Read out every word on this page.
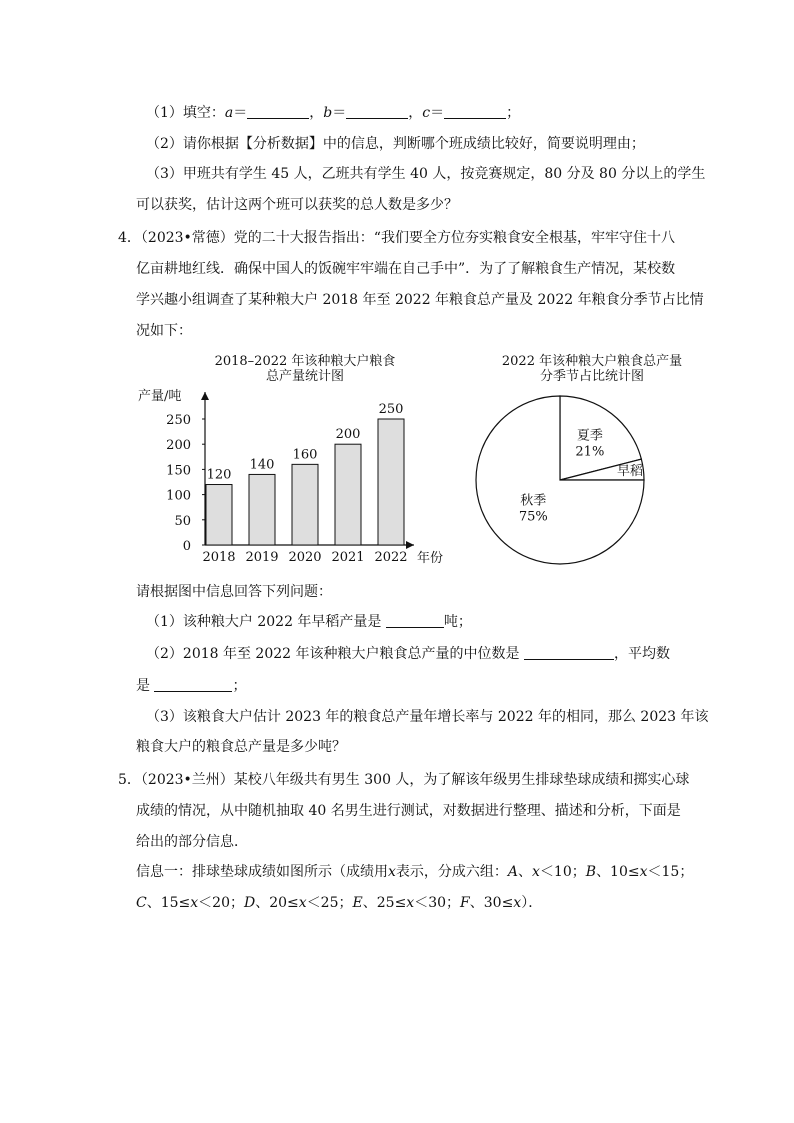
（1）填空：a＝	，b＝	，c＝	；
（2）请你根据【分析数据】中的信息，判断哪个班成绩比较好，简要说明理由；
（3）甲班共有学生 45 人，乙班共有学生 40 人，按竞赛规定，80 分及 80 分以上的学生
可以获奖，估计这两个班可以获奖的总人数是多少？
4．（2023•常德）党的二十大报告指出：“我们要全方位夯实粮食安全根基，牢牢守住十八
亿亩耕地红线．确保中国人的饭碗牢牢端在自己手中”．为了了解粮食生产情况，某校数
学兴趣小组调查了某种粮大户 2018 年至 2022 年粮食总产量及 2022 年粮食分季节占比情
况如下：
2018–2022 年该种粮大户粮食
总产量统计图
产量/吨
年份
0
50
100
150
200
250
120
2018
140
2019
160
2020
200
2021
250
2022
2022 年该种粮大户粮食总产量
分季节占比统计图
夏季
21%
早稻
秋季
75%
请根据图中信息回答下列问题：
（1）该种粮大户 2022 年早稻产量是	吨；
（2）2018 年至 2022 年该种粮大户粮食总产量的中位数是	，平均数
是	；
（3）该粮食大户估计 2023 年的粮食总产量年增长率与 2022 年的相同，那么 2023 年该
粮食大户的粮食总产量是多少吨？
5．（2023•兰州）某校八年级共有男生 300 人，为了解该年级男生排球垫球成绩和掷实心球
成绩的情况，从中随机抽取 40 名男生进行测试，对数据进行整理、描述和分析，下面是
给出的部分信息．
信息一：排球垫球成绩如图所示（成绩用x表示，分成六组：A、x＜10；B、10≤x＜15；
C、15≤x＜20；D、20≤x＜25；E、25≤x＜30；F、30≤x）．
